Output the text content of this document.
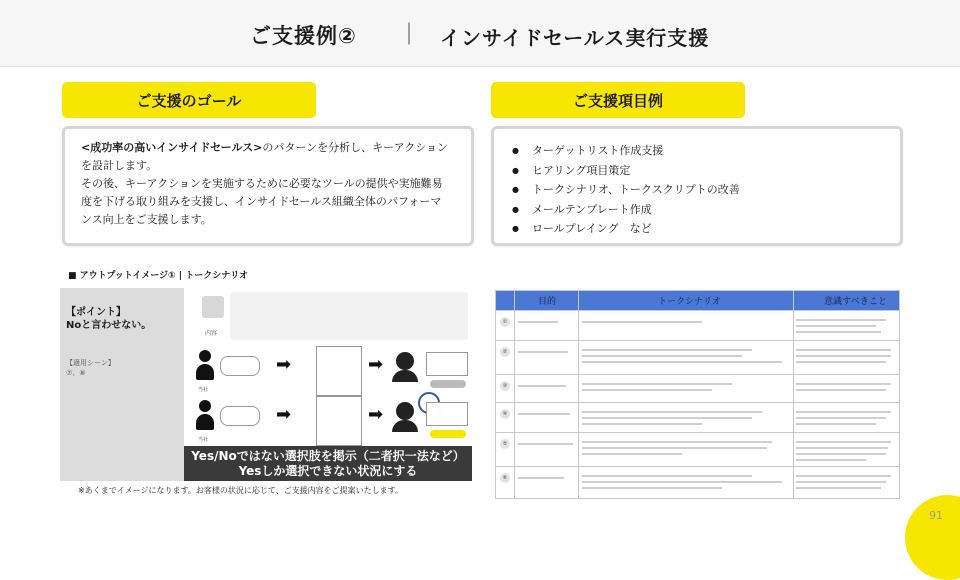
ご支援例② ｜ インサイドセールス実行支援
ご支援のゴール
<成功率の高いインサイドセールス>のパターンを分析し、キーアクションを設計します。
その後、キーアクションを実施するために必要なツールの提供や実施難易度を下げる取り組みを支援し、インサイドセールス組織全体のパフォーマンス向上をご支援します。
ご支援項目例
● ターゲットリスト作成支援
● ヒアリング項目策定
● トークシナリオ、トークスクリプトの改善
● メールテンプレート作成
● ロールプレイング　など
■ アウトプットイメージ① | トークシナリオ
【ポイント】
Noと言わせない。
【適用シーン】
⑦、⑧
内容
当社
➡	➡
当社
➡	➡
Yes/Noではない選択肢を掲示（二者択一法など）
Yesしか選択できない状況にする
※あくまでイメージになります。お客様の状況に応じて、ご支援内容をご提案いたします。
目的	トークシナリオ	意識すべきこと
①
②
③
④
⑤
⑥
91
